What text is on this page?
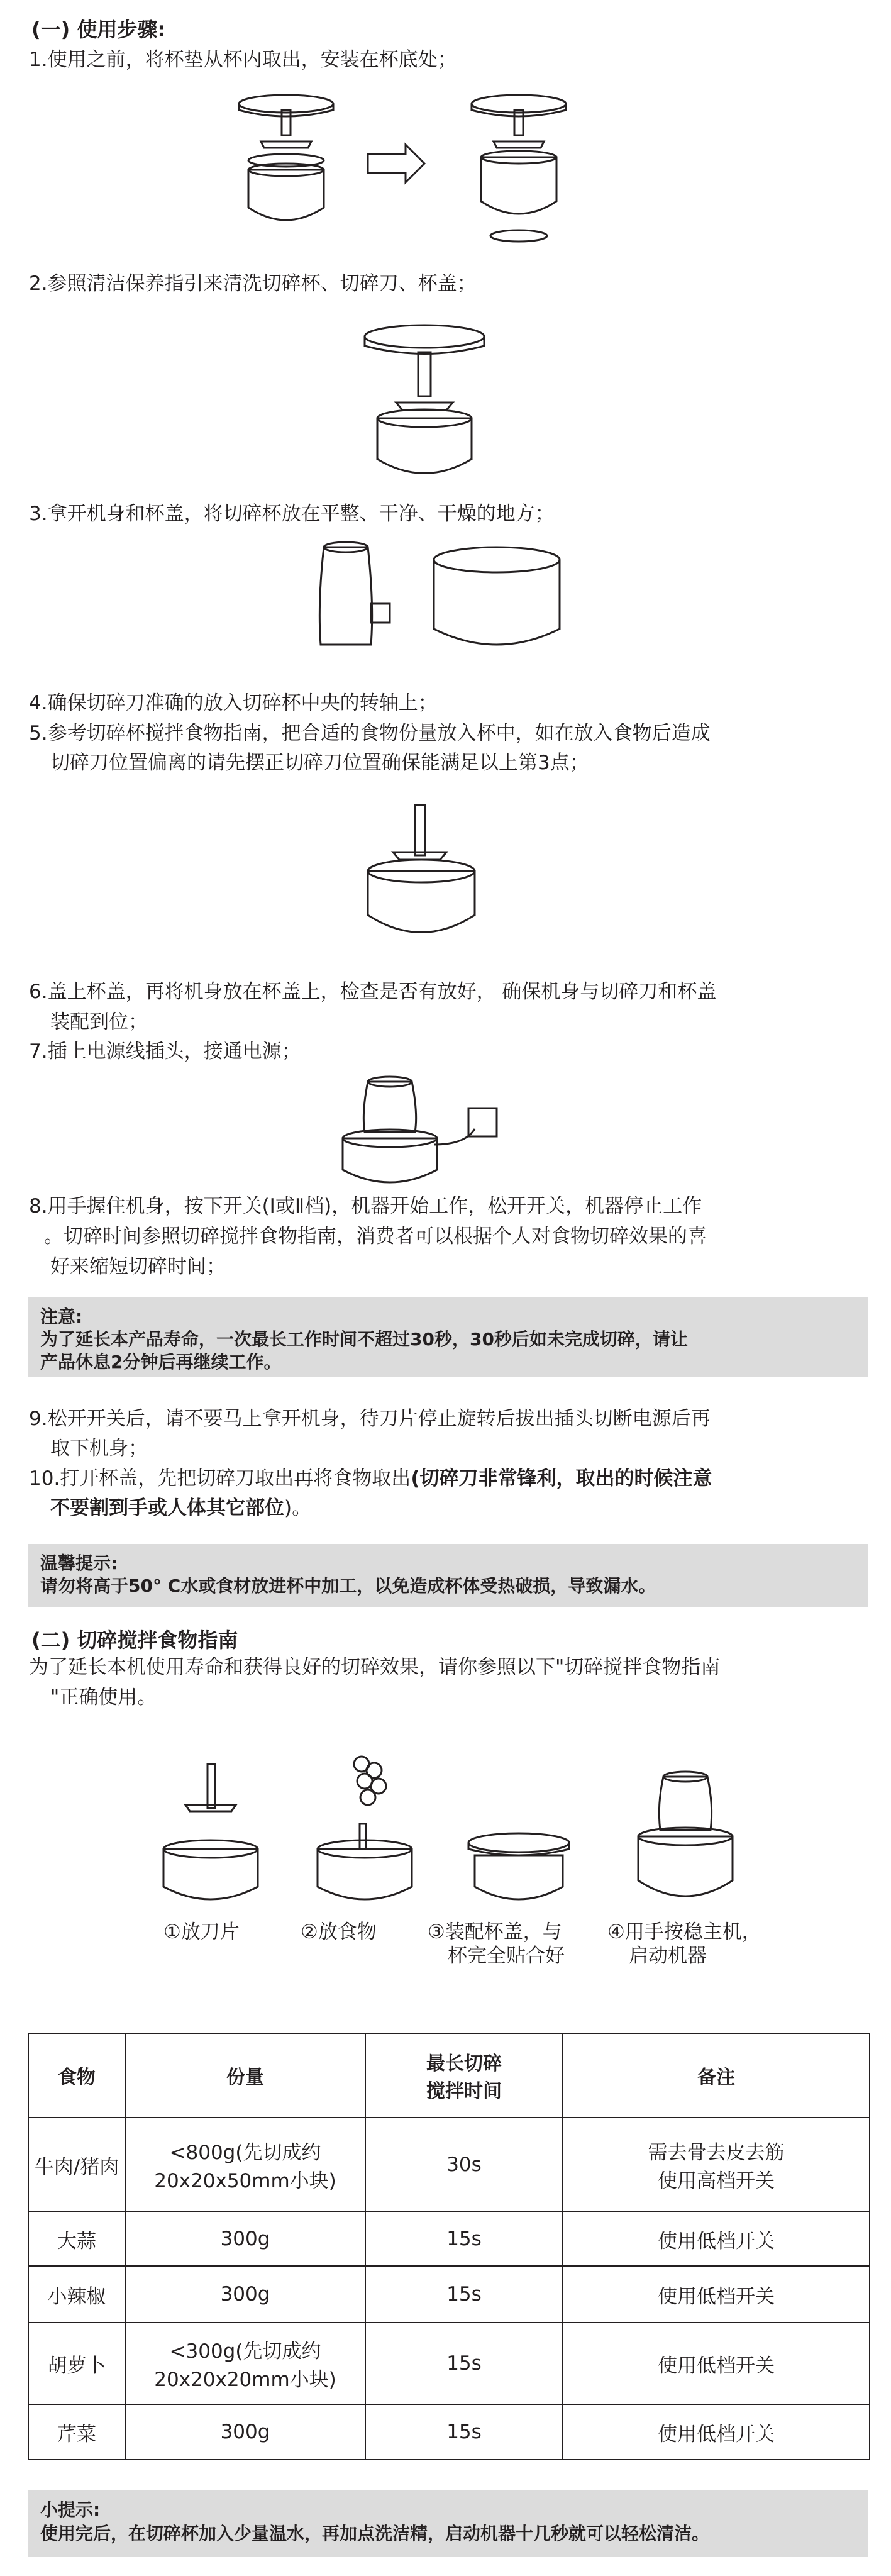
(一) 使用步骤:
1.使用之前，将杯垫从杯内取出，安装在杯底处；
2.参照清洁保养指引来清洗切碎杯、切碎刀、杯盖；
3.拿开机身和杯盖，将切碎杯放在平整、干净、干燥的地方；
4.确保切碎刀准确的放入切碎杯中央的转轴上；
5.参考切碎杯搅拌食物指南，把合适的食物份量放入杯中，如在放入食物后造成
切碎刀位置偏离的请先摆正切碎刀位置确保能满足以上第3点；
6.盖上杯盖，再将机身放在杯盖上，检查是否有放好， 确保机身与切碎刀和杯盖
装配到位；
7.插上电源线插头，接通电源；
8.用手握住机身，按下开关(Ⅰ或Ⅱ档)，机器开始工作，松开开关，机器停止工作
。切碎时间参照切碎搅拌食物指南，消费者可以根据个人对食物切碎效果的喜
好来缩短切碎时间；
注意:
为了延长本产品寿命，一次最长工作时间不超过30秒，30秒后如未完成切碎，请让
产品休息2分钟后再继续工作。
9.松开开关后，请不要马上拿开机身，待刀片停止旋转后拔出插头切断电源后再
取下机身；
10.打开杯盖，先把切碎刀取出再将食物取出(切碎刀非常锋利，取出的时候注意
不要割到手或人体其它部位)。
温馨提示:
请勿将高于50° C水或食材放进杯中加工，以免造成杯体受热破损，导致漏水。
(二) 切碎搅拌食物指南
为了延长本机使用寿命和获得良好的切碎效果，请你参照以下"切碎搅拌食物指南
"正确使用。
①放刀片	②放食物	③装配杯盖，与
杯完全贴合好
④用手按稳主机，
启动机器
食物	份量	最长切碎
搅拌时间	备注
牛肉/猪肉	<800g(先切成约
20x20x50mm小块)	30s	需去骨去皮去筋
使用高档开关
大蒜	300g	15s	使用低档开关
小辣椒	300g	15s	使用低档开关
胡萝卜	<300g(先切成约
20x20x20mm小块)	15s	使用低档开关
芹菜	300g	15s	使用低档开关
小提示:
使用完后，在切碎杯加入少量温水，再加点洗洁精，启动机器十几秒就可以轻松清洁。
